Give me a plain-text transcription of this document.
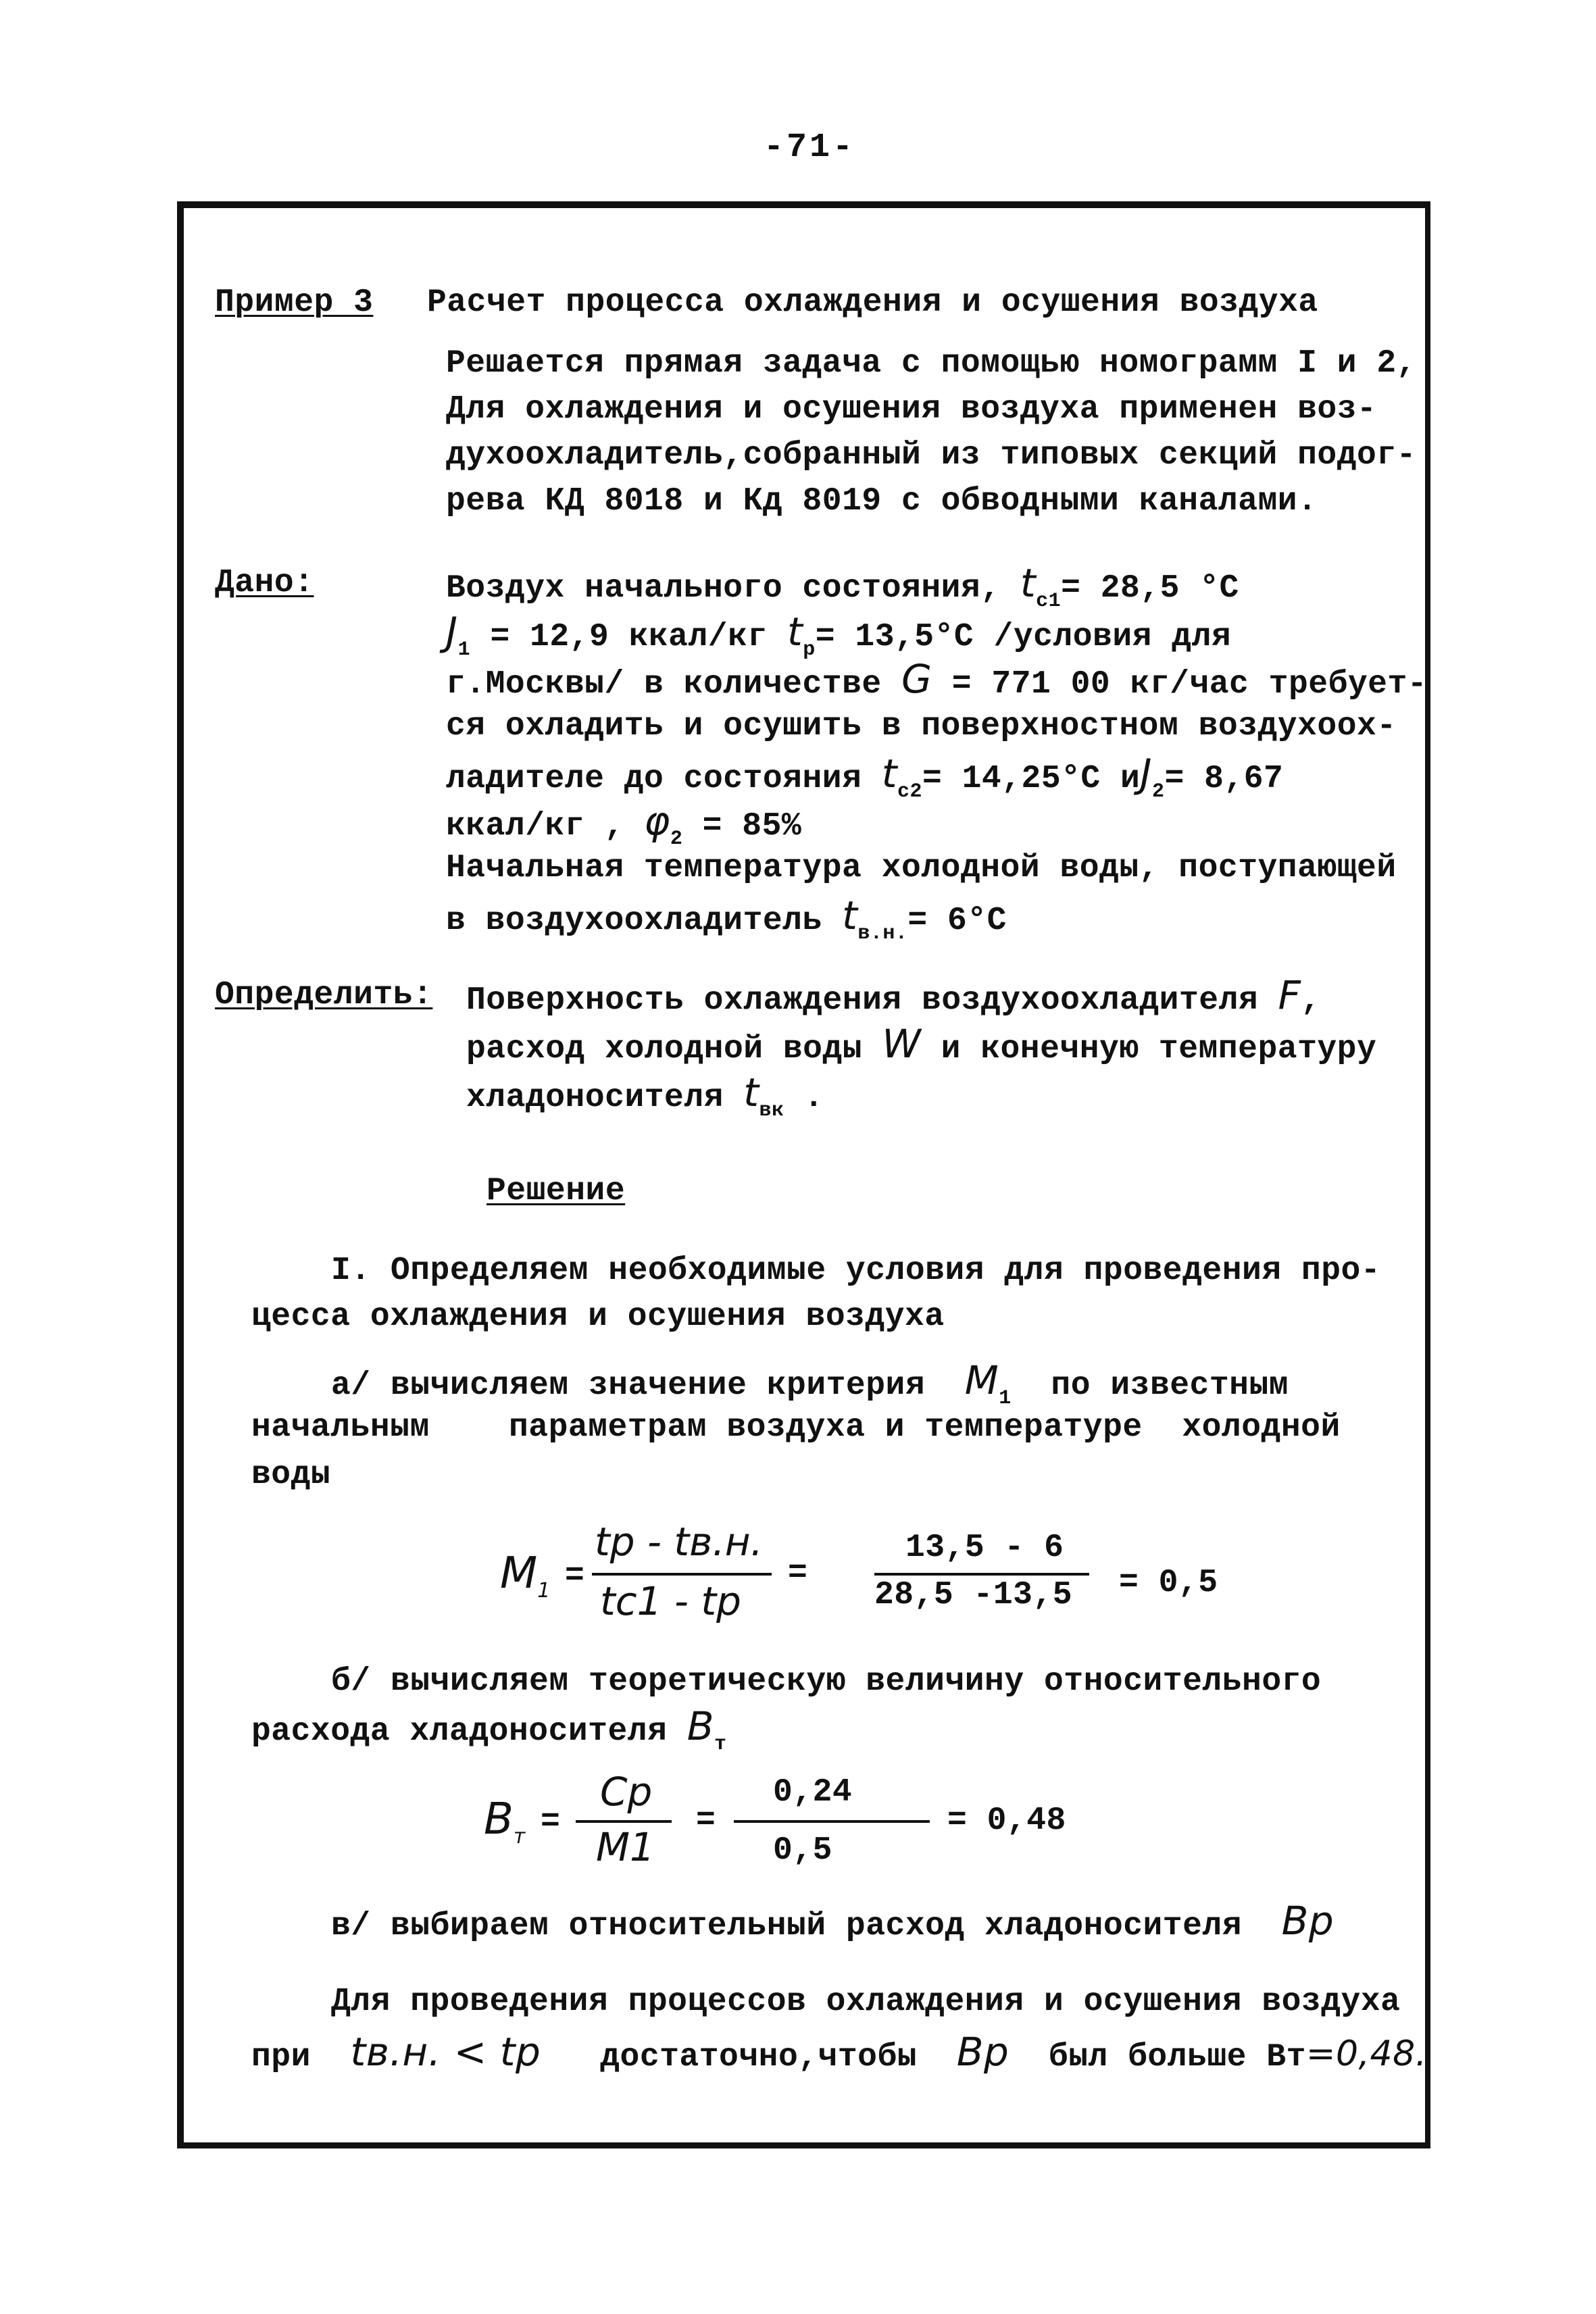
-71-
Пример 3 Расчет процесса охлаждения и осушения воздуха
Решается прямая задача с помощью номограмм I и 2,
Для охлаждения и осушения воздуха применен воз-
духоохладитель,собранный из типовых секций подог-
рева КД 8018 и Кд 8019 с обводными каналами.
Дано:	Воздух начального состояния, $t_{c1}= 28,5$ °C
$J_1 = 12,9$ ккал/кг $t_p= 13,5^\circ C$ /условия для
г.Москвы/ в количестве G = 771 00 кг/час требует-
ся охладить и осушить в поверхностном воздухоох-
ладителе до состояния $t_{c2}= 14,25^\circ C$ $иJ_2= 8,67$
ккал/кг , $\varphi_2 = 85\%$
Начальная температура холодной воды, поступающей
в воздухоохладитель $t_{в.н.}= 6^\circ C$
Определить: Поверхность охлаждения воздухоохладителя F,
расход холодной воды W и конечную температуру
хладоносителя $t_{вк}$ .
Решение
I. Определяем необходимые условия для проведения про-
цесса охлаждения и осушения воздуха
а/ вычисляем значение критерия $M_1$ по известным
начальным    параметрам воздуха и температуре  холодной
воды
$M_1$ =
tp - tв.н.
tc1 - tp
=
13,5 - 6
28,5 -13,5 = 0,5
б/ вычисляем теоретическую величину относительного
расхода хладоносителя $B_т$
$B_т$ =
Cp
M1
=
0,24
0,5
= 0,48
в/ выбираем относительный расход хладоносителя Bр
Для проведения процессов охлаждения и осушения воздуха
при tв.н. < tр достаточно,чтобы Bр был больше Bт=0,48.
